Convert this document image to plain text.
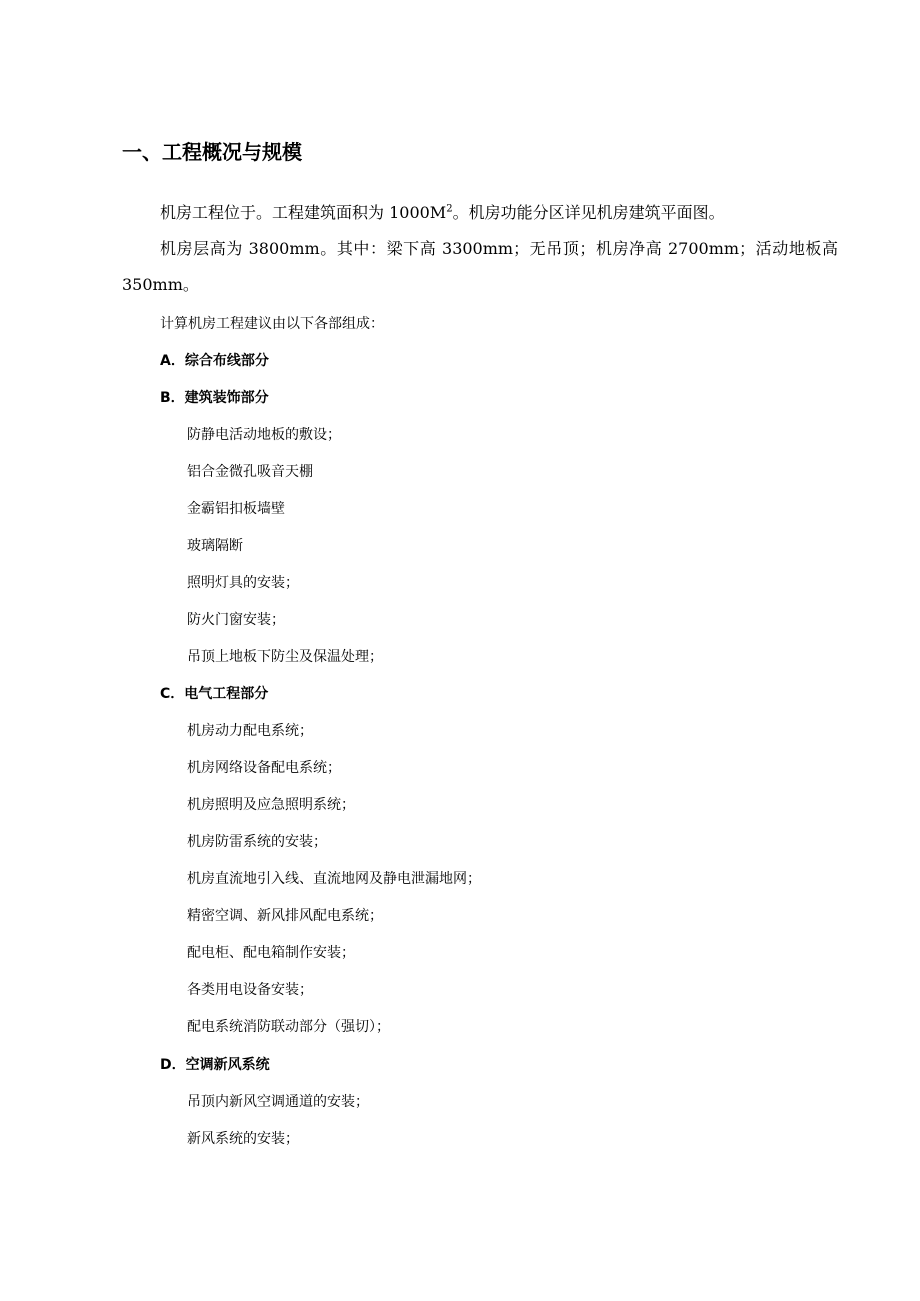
一、工程概况与规模

机房工程位于。工程建筑面积为 $1000M^2$。机房功能分区详见机房建筑平面图。

机房层高为 3800mm。其中：梁下高 3300mm；无吊顶；机房净高 2700mm；活动地板高 350mm。

计算机房工程建议由以下各部组成：

A．综合布线部分

B．建筑装饰部分

防静电活动地板的敷设；

铝合金微孔吸音天棚

金霸铝扣板墙壁

玻璃隔断

照明灯具的安装；

防火门窗安装；

吊顶上地板下防尘及保温处理；

C．电气工程部分

机房动力配电系统；

机房网络设备配电系统；

机房照明及应急照明系统；

机房防雷系统的安装；

机房直流地引入线、直流地网及静电泄漏地网；

精密空调、新风排风配电系统；

配电柜、配电箱制作安装；

各类用电设备安装；

配电系统消防联动部分（强切）；

D．空调新风系统

吊顶内新风空调通道的安装；

新风系统的安装；
